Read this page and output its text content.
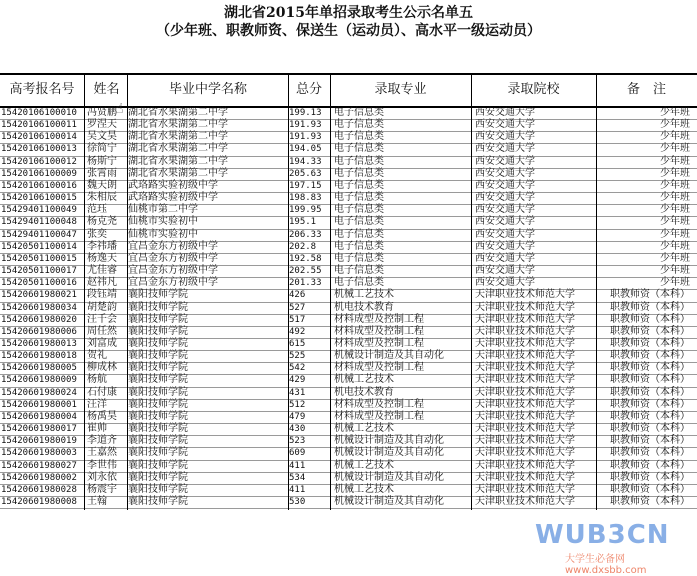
湖北省2015年单招录取考生公示名单五
（少年班、职教师资、保送生（运动员）、高水平一级运动员）
高考报名号	姓名	毕业中学名称	总分	录取专业	录取院校	备　注
15420106100010	冯贤鹏	湖北省水果湖第二中学	199.13	电子信息类	西安交通大学	少年班
15420106100011	罗涅天	湖北省水果湖第二中学	191.93	电子信息类	西安交通大学	少年班
15420106100014	吴文昊	湖北省水果湖第二中学	191.93	电子信息类	西安交通大学	少年班
15420106100013	徐简宁	湖北省水果湖第二中学	194.05	电子信息类	西安交通大学	少年班
15420106100012	杨斯宁	湖北省水果湖第二中学	194.33	电子信息类	西安交通大学	少年班
15420106100009	张霄雨	湖北省水果湖第二中学	205.63	电子信息类	西安交通大学	少年班
15420106100016	魏天朗	武珞路实验初级中学	197.15	电子信息类	西安交通大学	少年班
15420106100015	朱相辰	武珞路实验初级中学	198.83	电子信息类	西安交通大学	少年班
15429401100049	范珏	仙桃市第二中学	199.95	电子信息类	西安交通大学	少年班
15429401100048	杨克尧	仙桃市实验初中	195.1	电子信息类	西安交通大学	少年班
15429401100047	张奕	仙桃市实验初中	206.33	电子信息类	西安交通大学	少年班
15420501100014	李祎璠	宜昌金东方初级中学	202.8	电子信息类	西安交通大学	少年班
15420501100015	杨逸天	宜昌金东方初级中学	192.58	电子信息类	西安交通大学	少年班
15420501100017	尤佳睿	宜昌金东方初级中学	202.55	电子信息类	西安交通大学	少年班
15420501100016	赵祎凡	宜昌金东方初级中学	201.33	电子信息类	西安交通大学	少年班
15420601980021	段钰靖	襄阳技师学院	426	机械工艺技术	天津职业技术师范大学	职教师资（本科）
15420601980034	胡楚韵	襄阳技师学院	527	机电技术教育	天津职业技术师范大学	职教师资（本科）
15420601980020	汪千会	襄阳技师学院	517	材料成型及控制工程	天津职业技术师范大学	职教师资（本科）
15420601980006	周任然	襄阳技师学院	492	材料成型及控制工程	天津职业技术师范大学	职教师资（本科）
15420601980013	刘富成	襄阳技师学院	615	材料成型及控制工程	天津职业技术师范大学	职教师资（本科）
15420601980018	贺礼	襄阳技师学院	525	机械设计制造及其自动化	天津职业技术师范大学	职教师资（本科）
15420601980005	柳成林	襄阳技师学院	542	材料成型及控制工程	天津职业技术师范大学	职教师资（本科）
15420601980009	杨航	襄阳技师学院	429	机械工艺技术	天津职业技术师范大学	职教师资（本科）
15420601980024	石付康	襄阳技师学院	431	机电技术教育	天津职业技术师范大学	职教师资（本科）
15420601980001	汪洋	襄阳技师学院	512	材料成型及控制工程	天津职业技术师范大学	职教师资（本科）
15420601980004	杨禹昊	襄阳技师学院	479	材料成型及控制工程	天津职业技术师范大学	职教师资（本科）
15420601980017	崔帅	襄阳技师学院	430	机械工艺技术	天津职业技术师范大学	职教师资（本科）
15420601980019	李道齐	襄阳技师学院	523	机械设计制造及其自动化	天津职业技术师范大学	职教师资（本科）
15420601980003	王嘉然	襄阳技师学院	609	机械设计制造及其自动化	天津职业技术师范大学	职教师资（本科）
15420601980027	李世伟	襄阳技师学院	411	机械工艺技术	天津职业技术师范大学	职教师资（本科）
15420601980002	刘永依	襄阳技师学院	534	机械设计制造及其自动化	天津职业技术师范大学	职教师资（本科）
15420601980028	杨震宇	襄阳技师学院	411	机械工艺技术	天津职业技术师范大学	职教师资（本科）
15420601980008	王翰	襄阳技师学院	530	机械设计制造及其自动化	天津职业技术师范大学	职教师资（本科）
☝
WUB3CN
大学生必备网 www.dxsbb.com
